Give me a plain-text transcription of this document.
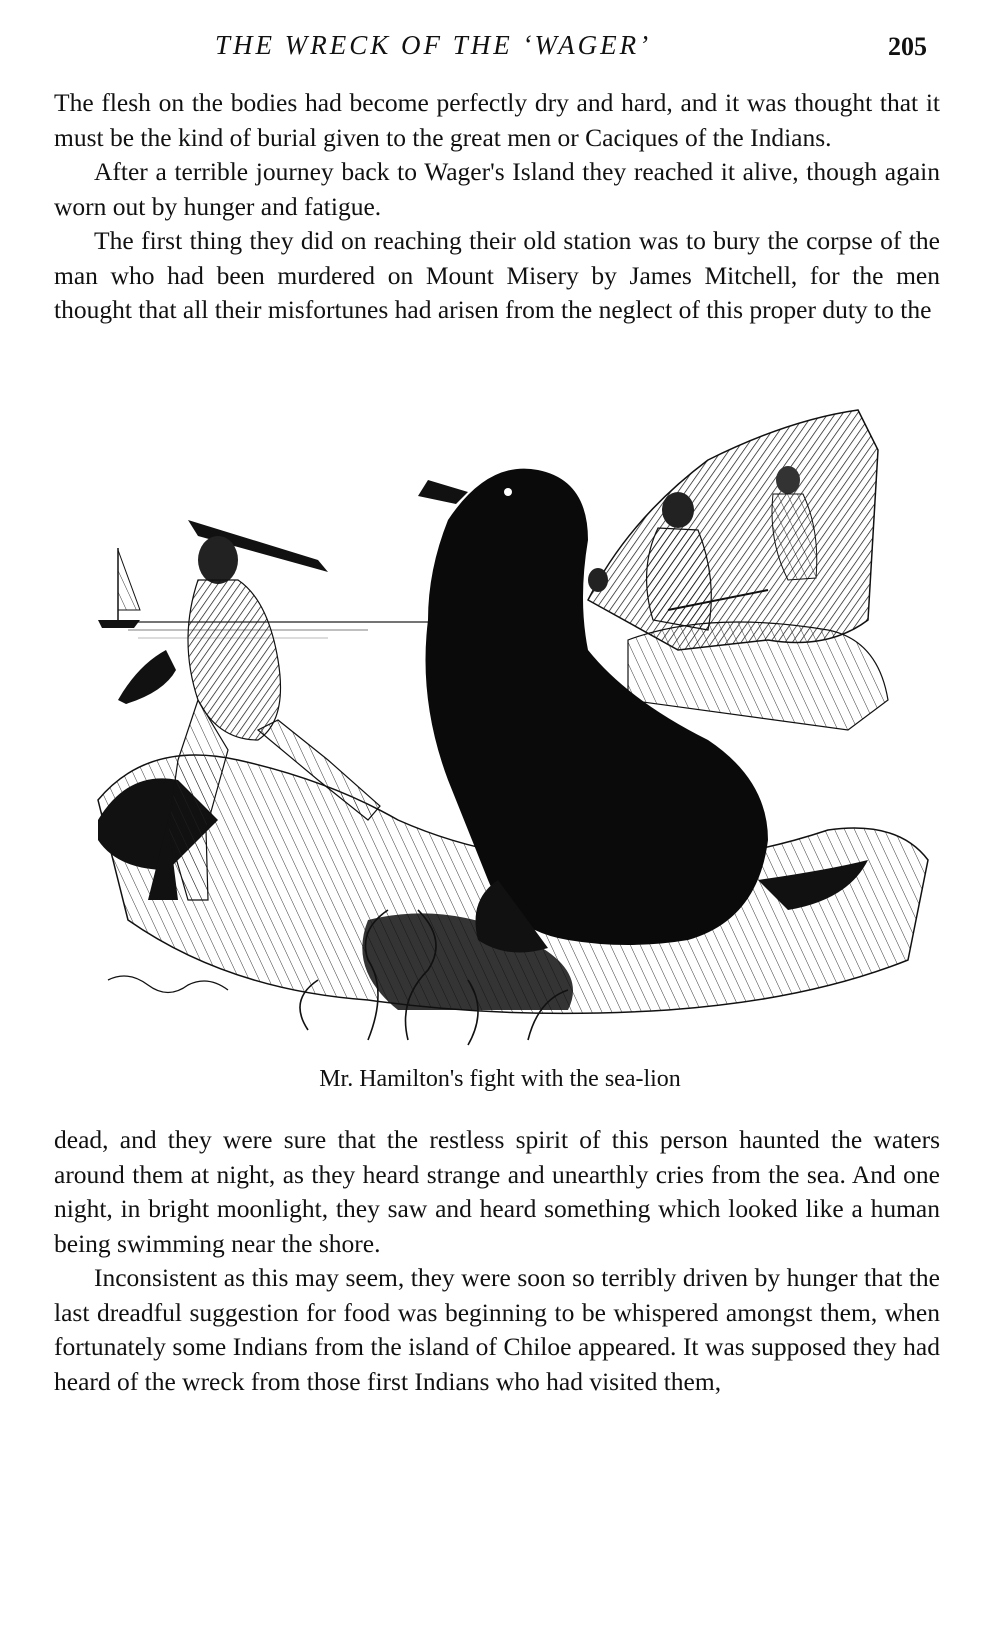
THE WRECK OF THE ‘WAGER’	205

The flesh on the bodies had become perfectly dry and hard, and it was thought that it must be the kind of burial given to the great men or Caciques of the Indians.

After a terrible journey back to Wager's Island they reached it alive, though again worn out by hunger and fatigue.

The first thing they did on reaching their old station was to bury the corpse of the man who had been murdered on Mount Misery by James Mitchell, for the men thought that all their misfortunes had arisen from the neglect of this proper duty to the

Mr. Hamilton's fight with the sea-lion

dead, and they were sure that the restless spirit of this person haunted the waters around them at night, as they heard strange and unearthly cries from the sea. And one night, in bright moonlight, they saw and heard something which looked like a human being swimming near the shore.

Inconsistent as this may seem, they were soon so terribly driven by hunger that the last dreadful suggestion for food was beginning to be whispered amongst them, when fortunately some Indians from the island of Chiloe appeared. It was supposed they had heard of the wreck from those first Indians who had visited them,
